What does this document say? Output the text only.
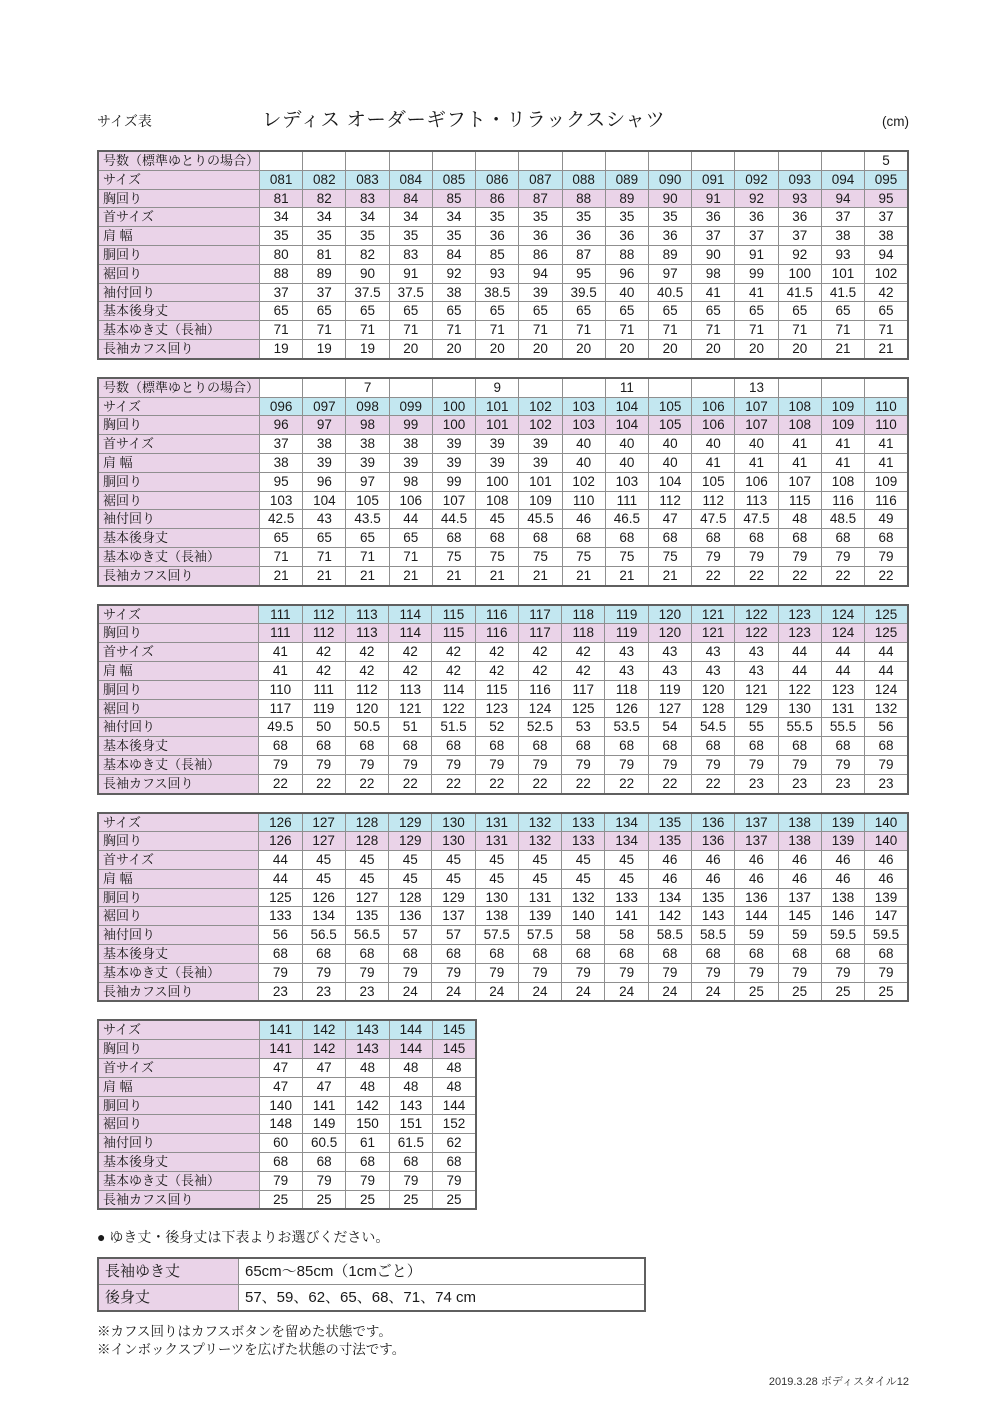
サイズ表	レディス オーダーギフト・リラックスシャツ	(cm)
号数（標準ゆとりの場合）															5
サイズ	081	082	083	084	085	086	087	088	089	090	091	092	093	094	095
胸回り	81	82	83	84	85	86	87	88	89	90	91	92	93	94	95
首サイズ	34	34	34	34	34	35	35	35	35	35	36	36	36	37	37
肩 幅	35	35	35	35	35	36	36	36	36	36	37	37	37	38	38
胴回り	80	81	82	83	84	85	86	87	88	89	90	91	92	93	94
裾回り	88	89	90	91	92	93	94	95	96	97	98	99	100	101	102
袖付回り	37	37	37.5	37.5	38	38.5	39	39.5	40	40.5	41	41	41.5	41.5	42
基本後身丈	65	65	65	65	65	65	65	65	65	65	65	65	65	65	65
基本ゆき丈（長袖）	71	71	71	71	71	71	71	71	71	71	71	71	71	71	71
長袖カフス回り	19	19	19	20	20	20	20	20	20	20	20	20	20	21	21
号数（標準ゆとりの場合）			7			9			11			13			
サイズ	096	097	098	099	100	101	102	103	104	105	106	107	108	109	110
胸回り	96	97	98	99	100	101	102	103	104	105	106	107	108	109	110
首サイズ	37	38	38	38	39	39	39	40	40	40	40	40	41	41	41
肩 幅	38	39	39	39	39	39	39	40	40	40	41	41	41	41	41
胴回り	95	96	97	98	99	100	101	102	103	104	105	106	107	108	109
裾回り	103	104	105	106	107	108	109	110	111	112	112	113	115	116	116
袖付回り	42.5	43	43.5	44	44.5	45	45.5	46	46.5	47	47.5	47.5	48	48.5	49
基本後身丈	65	65	65	65	68	68	68	68	68	68	68	68	68	68	68
基本ゆき丈（長袖）	71	71	71	71	75	75	75	75	75	75	79	79	79	79	79
長袖カフス回り	21	21	21	21	21	21	21	21	21	21	22	22	22	22	22
サイズ	111	112	113	114	115	116	117	118	119	120	121	122	123	124	125
胸回り	111	112	113	114	115	116	117	118	119	120	121	122	123	124	125
首サイズ	41	42	42	42	42	42	42	42	43	43	43	43	44	44	44
肩 幅	41	42	42	42	42	42	42	42	43	43	43	43	44	44	44
胴回り	110	111	112	113	114	115	116	117	118	119	120	121	122	123	124
裾回り	117	119	120	121	122	123	124	125	126	127	128	129	130	131	132
袖付回り	49.5	50	50.5	51	51.5	52	52.5	53	53.5	54	54.5	55	55.5	55.5	56
基本後身丈	68	68	68	68	68	68	68	68	68	68	68	68	68	68	68
基本ゆき丈（長袖）	79	79	79	79	79	79	79	79	79	79	79	79	79	79	79
長袖カフス回り	22	22	22	22	22	22	22	22	22	22	22	23	23	23	23
サイズ	126	127	128	129	130	131	132	133	134	135	136	137	138	139	140
胸回り	126	127	128	129	130	131	132	133	134	135	136	137	138	139	140
首サイズ	44	45	45	45	45	45	45	45	45	46	46	46	46	46	46
肩 幅	44	45	45	45	45	45	45	45	45	46	46	46	46	46	46
胴回り	125	126	127	128	129	130	131	132	133	134	135	136	137	138	139
裾回り	133	134	135	136	137	138	139	140	141	142	143	144	145	146	147
袖付回り	56	56.5	56.5	57	57	57.5	57.5	58	58	58.5	58.5	59	59	59.5	59.5
基本後身丈	68	68	68	68	68	68	68	68	68	68	68	68	68	68	68
基本ゆき丈（長袖）	79	79	79	79	79	79	79	79	79	79	79	79	79	79	79
長袖カフス回り	23	23	23	24	24	24	24	24	24	24	24	25	25	25	25
サイズ	141	142	143	144	145
胸回り	141	142	143	144	145
首サイズ	47	47	48	48	48
肩 幅	47	47	48	48	48
胴回り	140	141	142	143	144
裾回り	148	149	150	151	152
袖付回り	60	60.5	61	61.5	62
基本後身丈	68	68	68	68	68
基本ゆき丈（長袖）	79	79	79	79	79
長袖カフス回り	25	25	25	25	25
● ゆき丈・後身丈は下表よりお選びください。
長袖ゆき丈	65cm～85cm（1cmごと）
後身丈	57、59、62、65、68、71、74 cm
※カフス回りはカフスボタンを留めた状態です。
※インボックスプリーツを広げた状態の寸法です。
2019.3.28 ボディスタイル12
